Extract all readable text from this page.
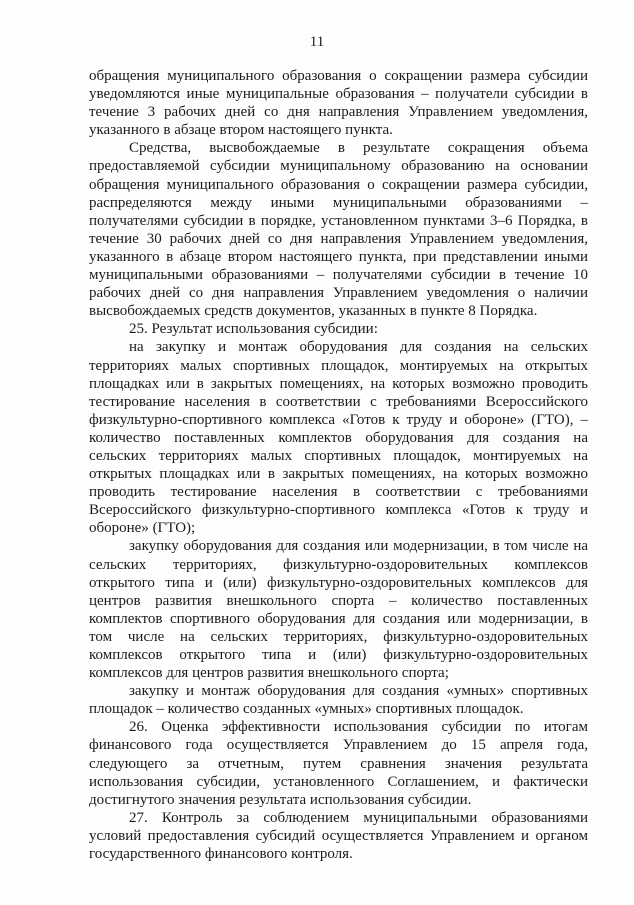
11

обращения муниципального образования о сокращении размера субсидии уведомляются иные муниципальные образования – получатели субсидии в течение 3 рабочих дней со дня направления Управлением уведомления, указанного в абзаце втором настоящего пункта.

Средства, высвобождаемые в результате сокращения объема предоставляемой субсидии муниципальному образованию на основании обращения муниципального образования о сокращении размера субсидии, распределяются между иными муниципальными образованиями – получателями субсидии в порядке, установленном пунктами 3–6 Порядка, в течение 30 рабочих дней со дня направления Управлением уведомления, указанного в абзаце втором настоящего пункта, при представлении иными муниципальными образованиями – получателями субсидии в течение 10 рабочих дней со дня направления Управлением уведомления о наличии высвобождаемых средств документов, указанных в пункте 8 Порядка.

25. Результат использования субсидии:

на закупку и монтаж оборудования для создания на сельских территориях малых спортивных площадок, монтируемых на открытых площадках или в закрытых помещениях, на которых возможно проводить тестирование населения в соответствии с требованиями Всероссийского физкультурно-спортивного комплекса «Готов к труду и обороне» (ГТО), – количество поставленных комплектов оборудования для создания на сельских территориях малых спортивных площадок, монтируемых на открытых площадках или в закрытых помещениях, на которых возможно проводить тестирование населения в соответствии с требованиями Всероссийского физкультурно-спортивного комплекса «Готов к труду и обороне» (ГТО);

закупку оборудования для создания или модернизации, в том числе на сельских территориях, физкультурно-оздоровительных комплексов открытого типа и (или) физкультурно-оздоровительных комплексов для центров развития внешкольного спорта – количество поставленных комплектов спортивного оборудования для создания или модернизации, в том числе на сельских территориях, физкультурно-оздоровительных комплексов открытого типа и (или) физкультурно-оздоровительных комплексов для центров развития внешкольного спорта;

закупку и монтаж оборудования для создания «умных» спортивных площадок – количество созданных «умных» спортивных площадок.

26. Оценка эффективности использования субсидии по итогам финансового года осуществляется Управлением до 15 апреля года, следующего за отчетным, путем сравнения значения результата использования субсидии, установленного Соглашением, и фактически достигнутого значения результата использования субсидии.

27. Контроль за соблюдением муниципальными образованиями условий предоставления субсидий осуществляется Управлением и органом государственного финансового контроля.
